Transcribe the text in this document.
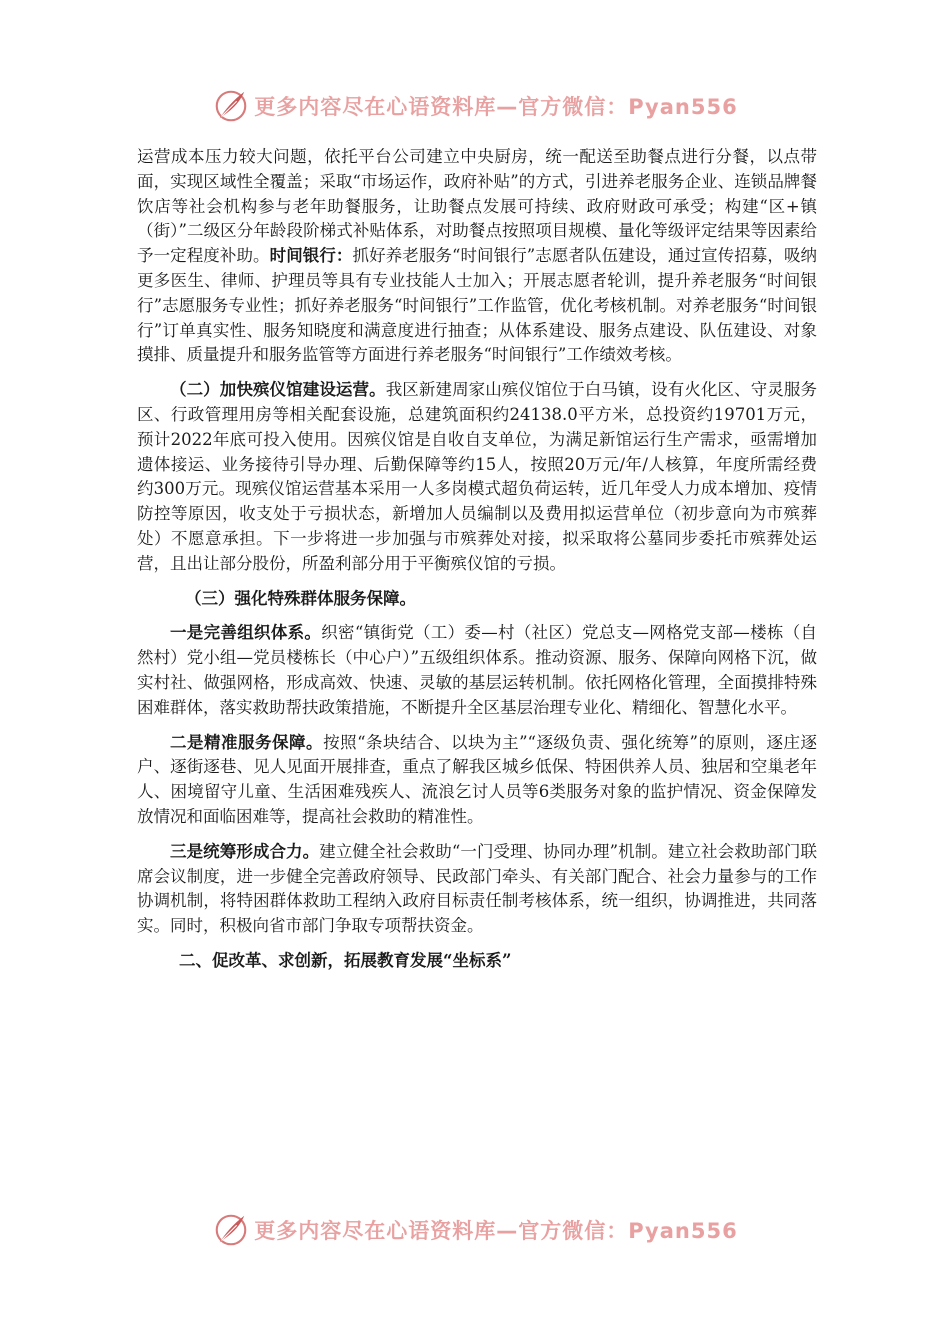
更多内容尽在心语资料库—官方微信：Pyan556

运营成本压力较大问题，依托平台公司建立中央厨房，统一配送至助餐点进行分餐，以点带面，实现区域性全覆盖；采取“市场运作，政府补贴”的方式，引进养老服务企业、连锁品牌餐饮店等社会机构参与老年助餐服务，让助餐点发展可持续、政府财政可承受；构建“区+镇（街）”二级区分年龄段阶梯式补贴体系，对助餐点按照项目规模、量化等级评定结果等因素给予一定程度补助。时间银行：抓好养老服务“时间银行”志愿者队伍建设，通过宣传招募，吸纳更多医生、律师、护理员等具有专业技能人士加入；开展志愿者轮训，提升养老服务“时间银行”志愿服务专业性；抓好养老服务“时间银行”工作监管，优化考核机制。对养老服务“时间银行”订单真实性、服务知晓度和满意度进行抽查；从体系建设、服务点建设、队伍建设、对象摸排、质量提升和服务监管等方面进行养老服务“时间银行”工作绩效考核。

（二）加快殡仪馆建设运营。我区新建周家山殡仪馆位于白马镇，设有火化区、守灵服务区、行政管理用房等相关配套设施，总建筑面积约24138.0平方米，总投资约19701万元，预计2022年底可投入使用。因殡仪馆是自收自支单位，为满足新馆运行生产需求，亟需增加遗体接运、业务接待引导办理、后勤保障等约15人，按照20万元/年/人核算，年度所需经费约300万元。现殡仪馆运营基本采用一人多岗模式超负荷运转，近几年受人力成本增加、疫情防控等原因，收支处于亏损状态，新增加人员编制以及费用拟运营单位（初步意向为市殡葬处）不愿意承担。下一步将进一步加强与市殡葬处对接，拟采取将公墓同步委托市殡葬处运营，且出让部分股份，所盈利部分用于平衡殡仪馆的亏损。

（三）强化特殊群体服务保障。

一是完善组织体系。织密“镇街党（工）委—村（社区）党总支—网格党支部—楼栋（自然村）党小组—党员楼栋长（中心户）”五级组织体系。推动资源、服务、保障向网格下沉，做实村社、做强网格，形成高效、快速、灵敏的基层运转机制。依托网格化管理，全面摸排特殊困难群体，落实救助帮扶政策措施，不断提升全区基层治理专业化、精细化、智慧化水平。

二是精准服务保障。按照“条块结合、以块为主”“逐级负责、强化统筹”的原则，逐庄逐户、逐街逐巷、见人见面开展排查，重点了解我区城乡低保、特困供养人员、独居和空巢老年人、困境留守儿童、生活困难残疾人、流浪乞讨人员等6类服务对象的监护情况、资金保障发放情况和面临困难等，提高社会救助的精准性。

三是统筹形成合力。建立健全社会救助“一门受理、协同办理”机制。建立社会救助部门联席会议制度，进一步健全完善政府领导、民政部门牵头、有关部门配合、社会力量参与的工作协调机制，将特困群体救助工程纳入政府目标责任制考核体系，统一组织，协调推进，共同落实。同时，积极向省市部门争取专项帮扶资金。

二、促改革、求创新，拓展教育发展“坐标系”

更多内容尽在心语资料库—官方微信：Pyan556
